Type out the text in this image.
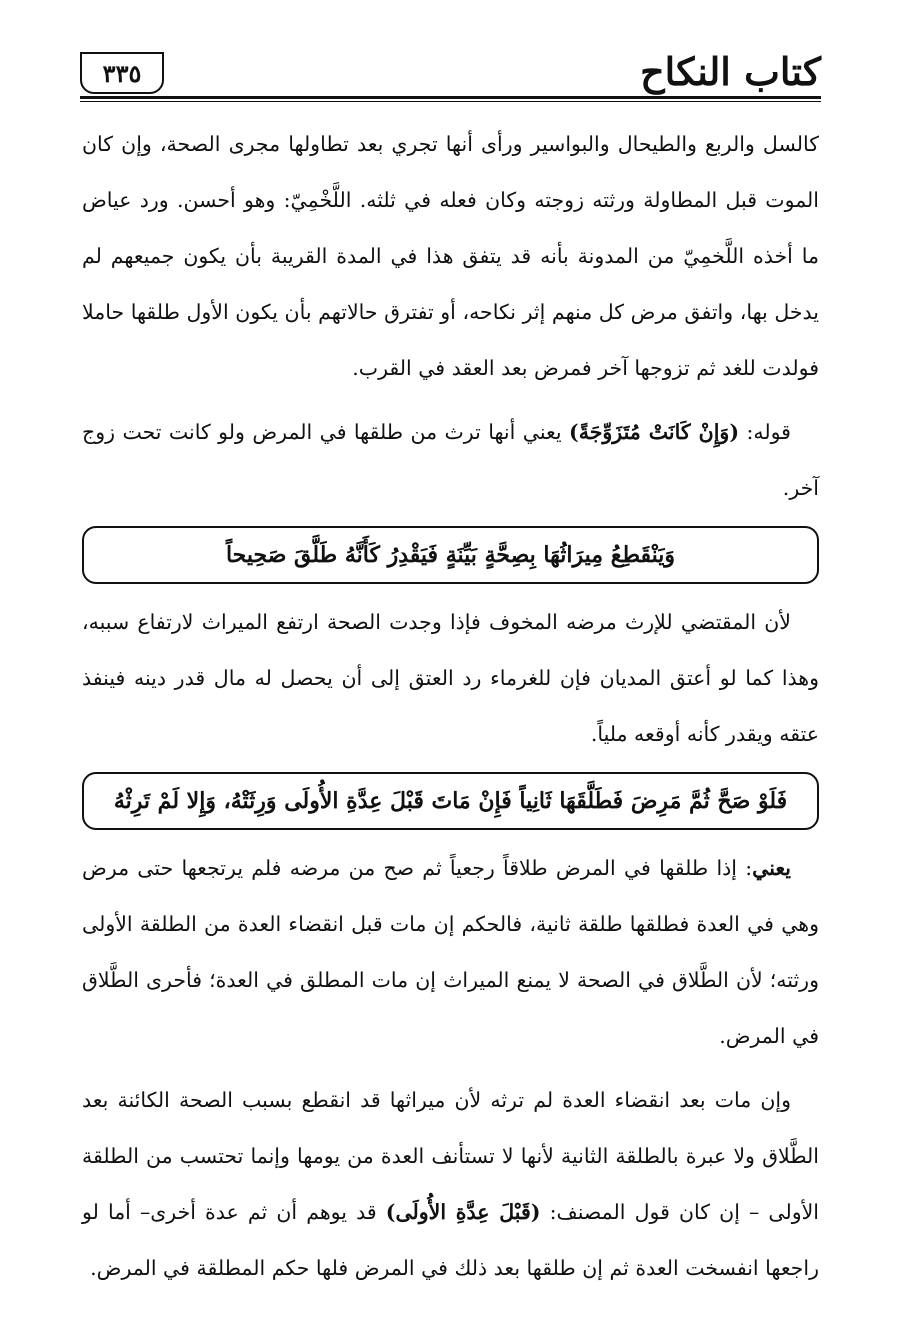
كتاب النكاح
٣٣٥

كالسل والربع والطيحال والبواسير ورأى أنها تجري بعد تطاولها مجرى الصحة، وإن كان الموت قبل المطاولة ورثته زوجته وكان فعله في ثلثه. اللَّخْمِيّ: وهو أحسن. ورد عياض ما أخذه اللَّخمِيّ من المدونة بأنه قد يتفق هذا في المدة القريبة بأن يكون جميعهم لم يدخل بها، واتفق مرض كل منهم إثر نكاحه، أو تفترق حالاتهم بأن يكون الأول طلقها حاملا فولدت للغد ثم تزوجها آخر فمرض بعد العقد في القرب.

قوله: (وَإِنْ كَانَتْ مُتَزَوِّجَةً) يعني أنها ترث من طلقها في المرض ولو كانت تحت زوج آخر.

وَيَنْقَطِعُ مِيرَاثُهَا بِصِحَّةٍ بَيِّنَةٍ فَيَقْدِرُ كَأَنَّهُ طَلَّقَ صَحِيحاً

لأن المقتضي للإرث مرضه المخوف فإذا وجدت الصحة ارتفع الميراث لارتفاع سببه، وهذا كما لو أعتق المديان فإن للغرماء رد العتق إلى أن يحصل له مال قدر دينه فينفذ عتقه ويقدر كأنه أوقعه ملياً.

فَلَوْ صَحَّ ثُمَّ مَرِضَ فَطَلَّقَهَا ثَانِياً فَإِنْ مَاتَ قَبْلَ عِدَّةِ الأُولَى وَرِثَتْهُ، وَإِلا لَمْ تَرِثْهُ

يعني: إذا طلقها في المرض طلاقاً رجعياً ثم صح من مرضه فلم يرتجعها حتى مرض وهي في العدة فطلقها طلقة ثانية، فالحكم إن مات قبل انقضاء العدة من الطلقة الأولى ورثته؛ لأن الطَّلاق في الصحة لا يمنع الميراث إن مات المطلق في العدة؛ فأحرى الطَّلاق في المرض.

وإن مات بعد انقضاء العدة لم ترثه لأن ميراثها قد انقطع بسبب الصحة الكائنة بعد الطَّلاق ولا عبرة بالطلقة الثانية لأنها لا تستأنف العدة من يومها وإنما تحتسب من الطلقة الأولى – إن كان قول المصنف: (قَبْلَ عِدَّةِ الأُولَى) قد يوهم أن ثم عدة أخرى– أما لو راجعها انفسخت العدة ثم إن طلقها بعد ذلك في المرض فلها حكم المطلقة في المرض.
